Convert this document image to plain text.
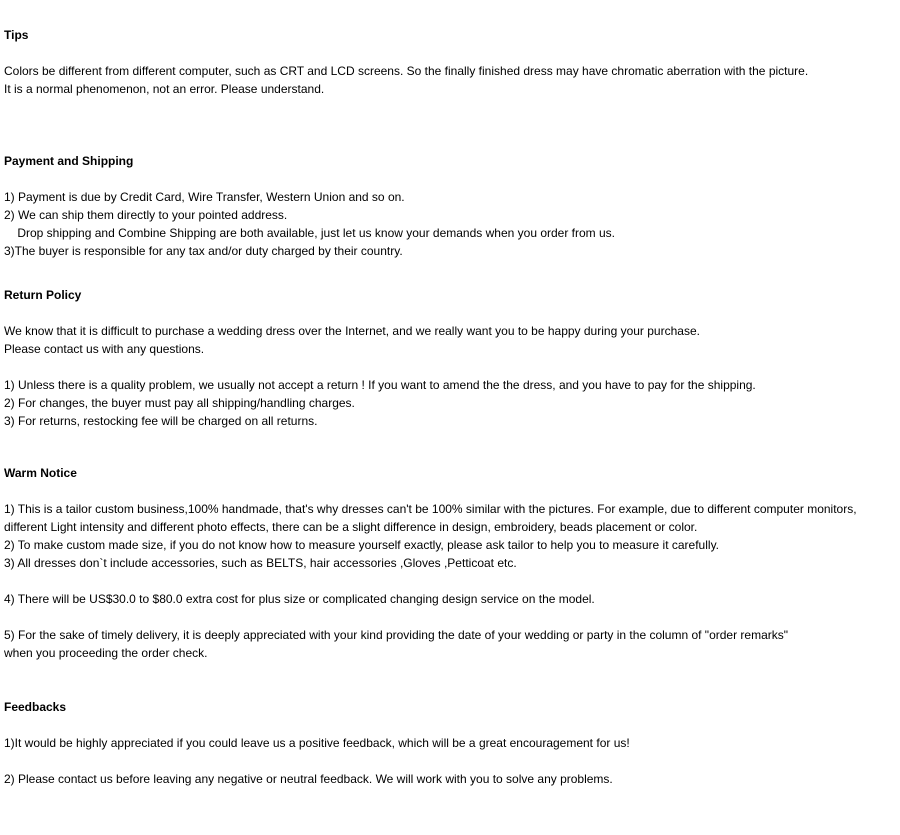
Tips
Colors be different from different computer, such as CRT and LCD screens. So the finally finished dress may have chromatic aberration with the picture.
It is a normal phenomenon, not an error. Please understand.
Payment and Shipping
1) Payment is due by Credit Card, Wire Transfer, Western Union and so on.
2) We can ship them directly to your pointed address.
Drop shipping and Combine Shipping are both available, just let us know your demands when you order from us.
3)The buyer is responsible for any tax and/or duty charged by their country.
Return Policy
We know that it is difficult to purchase a wedding dress over the Internet, and we really want you to be happy during your purchase.
Please contact us with any questions.
1) Unless there is a quality problem, we usually not accept a return ! If you want to amend the the dress, and you have to pay for the shipping.
2) For changes, the buyer must pay all shipping/handling charges.
3) For returns, restocking fee will be charged on all returns.
Warm Notice
1) This is a tailor custom business,100% handmade, that's why dresses can't be 100% similar with the pictures. For example, due to different computer monitors,
different Light intensity and different photo effects, there can be a slight difference in design, embroidery, beads placement or color.
2) To make custom made size, if you do not know how to measure yourself exactly, please ask tailor to help you to measure it carefully.
3) All dresses don`t include accessories, such as BELTS, hair accessories ,Gloves ,Petticoat etc.
4) There will be US$30.0 to $80.0 extra cost for plus size or complicated changing design service on the model.
5) For the sake of timely delivery, it is deeply appreciated with your kind providing the date of your wedding or party in the column of "order remarks"
when you proceeding the order check.
Feedbacks
1)It would be highly appreciated if you could leave us a positive feedback, which will be a great encouragement for us!
2) Please contact us before leaving any negative or neutral feedback. We will work with you to solve any problems.
